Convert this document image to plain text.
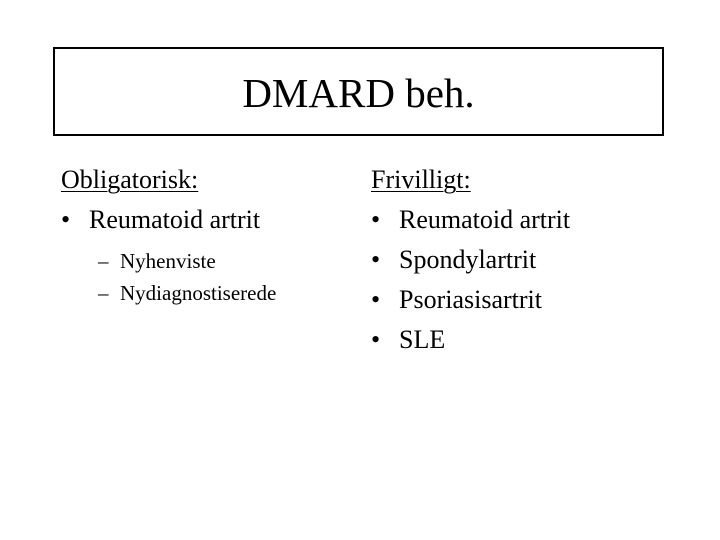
DMARD beh.
Obligatorisk:
• Reumatoid artrit
– Nyhenviste
– Nydiagnostiserede
Frivilligt:
• Reumatoid artrit
• Spondylartrit
• Psoriasisartrit
• SLE
